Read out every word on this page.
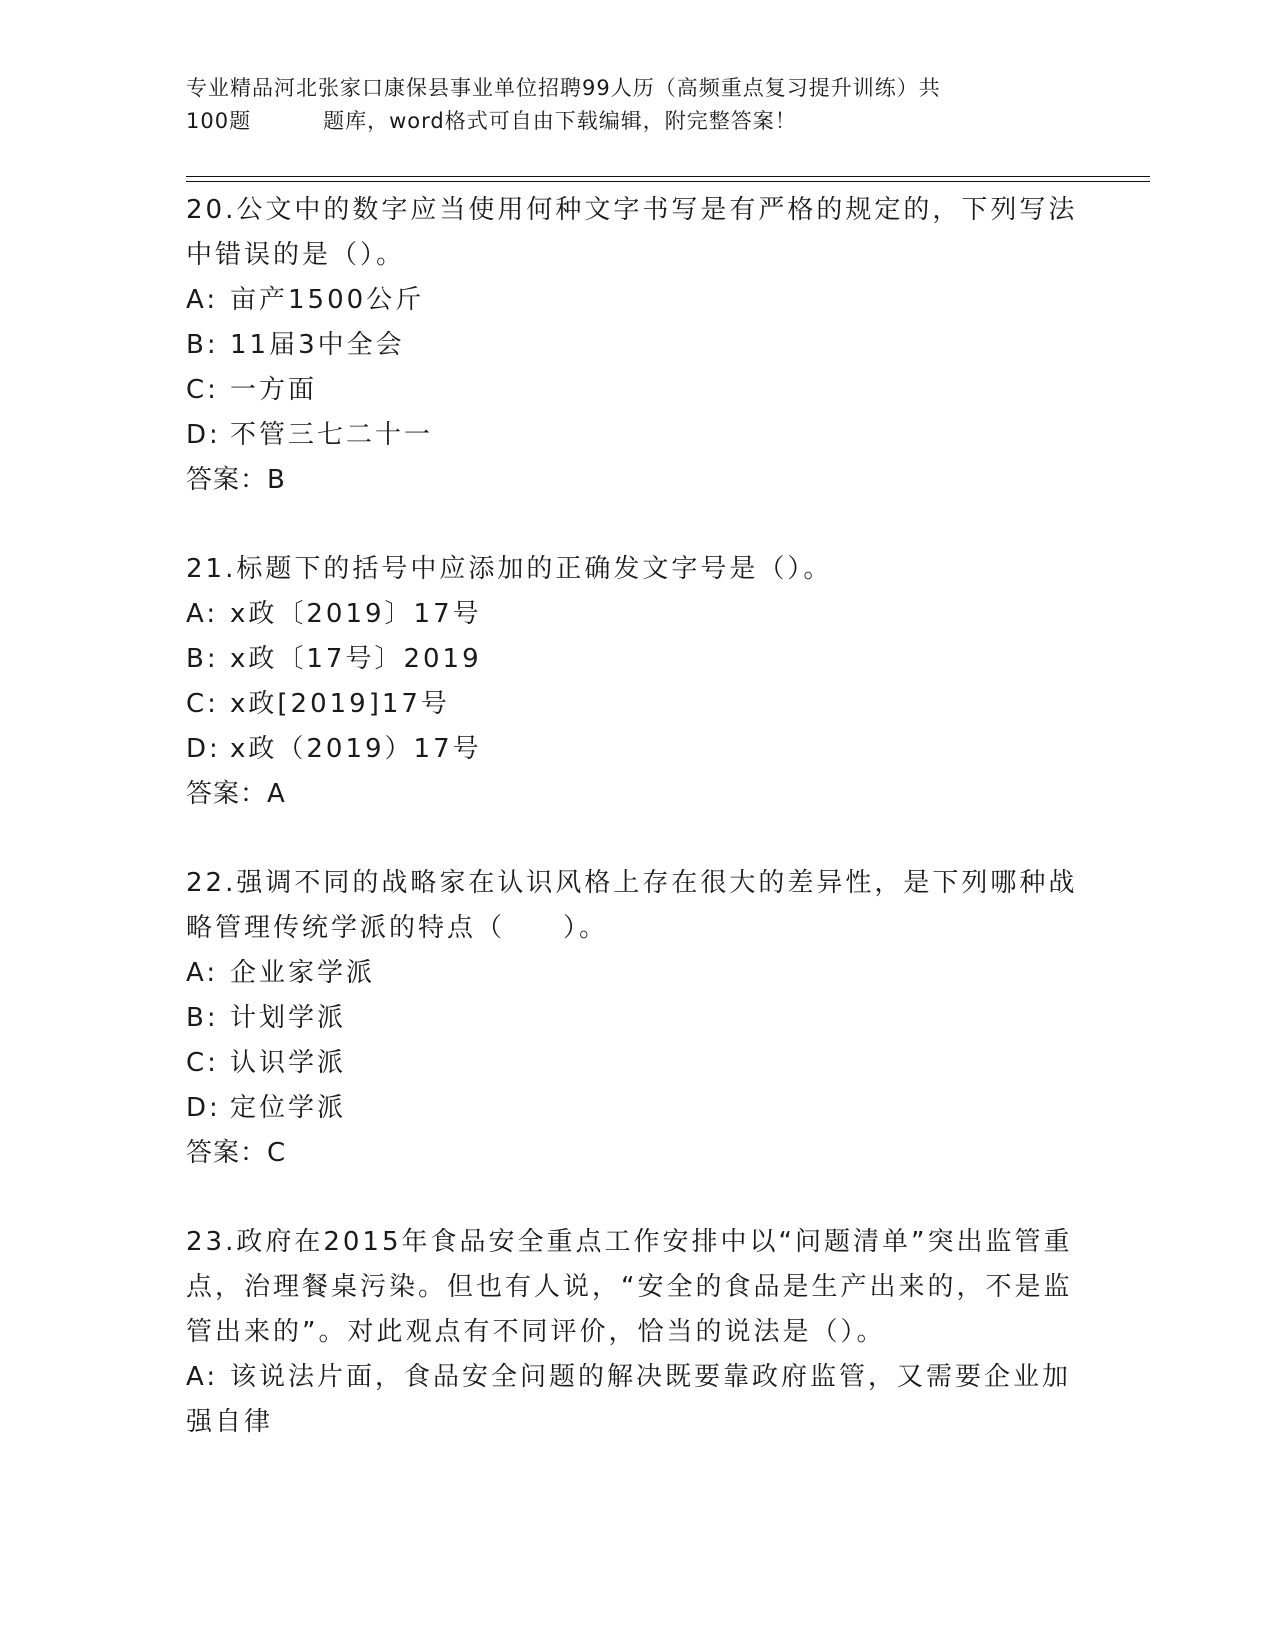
专业精品河北张家口康保县事业单位招聘99人历（高频重点复习提升训练）共
100题	题库，word格式可自由下载编辑，附完整答案！

20.公文中的数字应当使用何种文字书写是有严格的规定的，下列写法中错误的是（）。

A: 亩产1500公斤

B: 11届3中全会

C: 一方面

D: 不管三七二十一

答案：B

21.标题下的括号中应添加的正确发文字号是（）。

A: x政〔2019〕17号

B: x政〔17号〕2019

C: x政[2019]17号

D: x政（2019）17号

答案：A

22.强调不同的战略家在认识风格上存在很大的差异性，是下列哪种战略管理传统学派的特点（　　）。

A: 企业家学派

B: 计划学派

C: 认识学派

D: 定位学派

答案：C

23.政府在2015年食品安全重点工作安排中以“问题清单”突出监管重点，治理餐桌污染。但也有人说，“安全的食品是生产出来的，不是监管出来的”。对此观点有不同评价，恰当的说法是（）。

A: 该说法片面，食品安全问题的解决既要靠政府监管，又需要企业加强自律
